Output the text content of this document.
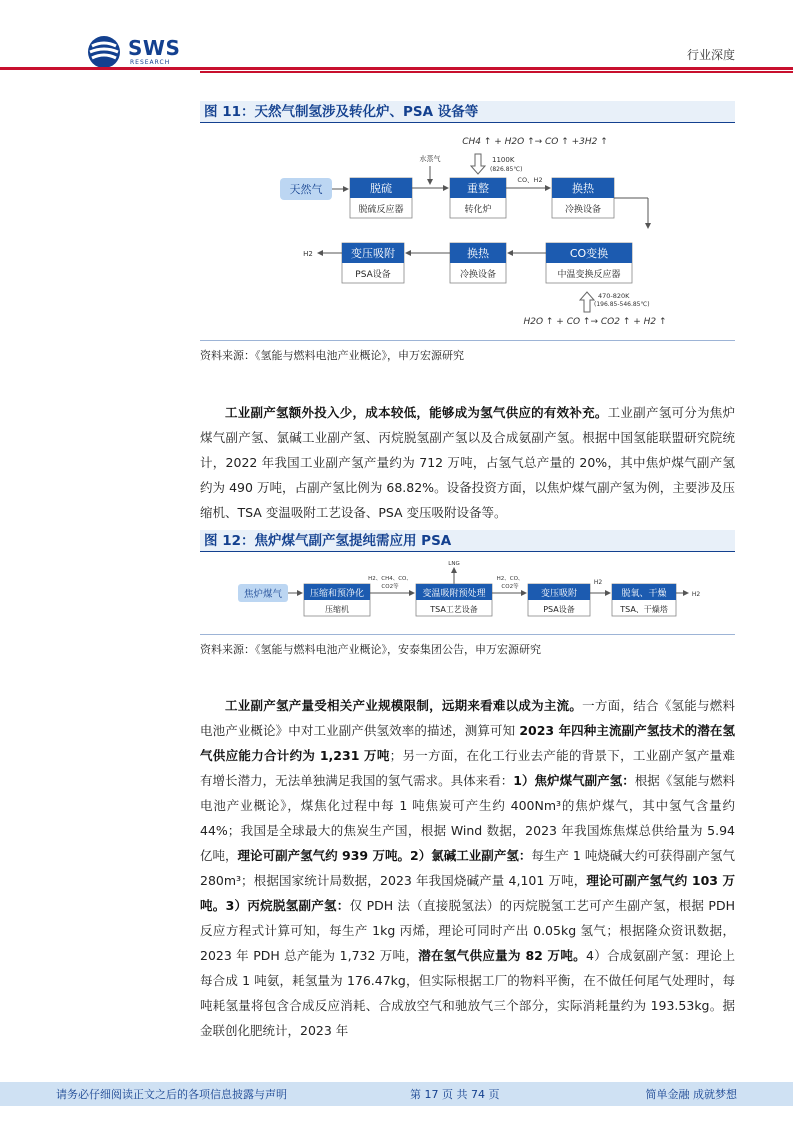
SWS
RESEARCH
行业深度
图 11：天然气制氢涉及转化炉、PSA 设备等
CH4 ↑ + H2O ↑→ CO ↑ +3H2 ↑
1100K
(826.85℃)
水蒸气
天然气	脱硫
脱硫反应器
重整
转化炉
CO、H2
换热
冷换设备
CO变换
中温变换反应器
换热
冷换设备
变压吸附
PSA设备
H2
470-820K
(196.85-546.85℃)
H2O ↑ + CO ↑→ CO2 ↑ + H2 ↑
资料来源：《氢能与燃料电池产业概论》，申万宏源研究

工业副产氢额外投入少，成本较低，能够成为氢气供应的有效补充。工业副产氢可分为焦炉煤气副产氢、氯碱工业副产氢、丙烷脱氢副产氢以及合成氨副产氢。根据中国氢能联盟研究院统计，2022 年我国工业副产氢产量约为 712 万吨，占氢气总产量的 20%，其中焦炉煤气副产氢约为 490 万吨，占副产氢比例为 68.82%。设备投资方面，以焦炉煤气副产氢为例，主要涉及压缩机、TSA 变温吸附工艺设备、PSA 变压吸附设备等。

图 12：焦炉煤气副产氢提纯需应用 PSA
焦炉煤气	压缩和预净化
压缩机
H2、CH4、CO、
CO2等
LNG
变温吸附预处理
TSA工艺设备
H2、CO、
CO2等
变压吸附
PSA设备
H2
脱氧、干燥
TSA、干燥塔
H2
资料来源：《氢能与燃料电池产业概论》，安泰集团公告，申万宏源研究

工业副产氢产量受相关产业规模限制，远期来看难以成为主流。一方面，结合《氢能与燃料电池产业概论》中对工业副产供氢效率的描述，测算可知 2023 年四种主流副产氢技术的潜在氢气供应能力合计约为 1,231 万吨；另一方面，在化工行业去产能的背景下，工业副产氢产量难有增长潜力，无法单独满足我国的氢气需求。具体来看：1）焦炉煤气副产氢：根据《氢能与燃料电池产业概论》，煤焦化过程中每 1 吨焦炭可产生约 400Nm³的焦炉煤气，其中氢气含量约 44%；我国是全球最大的焦炭生产国，根据 Wind 数据，2023 年我国炼焦煤总供给量为 5.94 亿吨，理论可副产氢气约 939 万吨。2）氯碱工业副产氢：每生产 1 吨烧碱大约可获得副产氢气 280m³；根据国家统计局数据，2023 年我国烧碱产量 4,101 万吨，理论可副产氢气约 103 万吨。3）丙烷脱氢副产氢：仅 PDH 法（直接脱氢法）的丙烷脱氢工艺可产生副产氢，根据 PDH 反应方程式计算可知，每生产 1kg 丙烯，理论可同时产出 0.05kg 氢气；根据隆众资讯数据，2023 年 PDH 总产能为 1,732 万吨，潜在氢气供应量为 82 万吨。4）合成氨副产氢：理论上每合成 1 吨氨，耗氢量为 176.47kg，但实际根据工厂的物料平衡，在不做任何尾气处理时，每吨耗氢量将包含合成反应消耗、合成放空气和驰放气三个部分，实际消耗量约为 193.53kg。据金联创化肥统计，2023 年

请务必仔细阅读正文之后的各项信息披露与声明	第 17 页 共 74 页	简单金融 成就梦想
